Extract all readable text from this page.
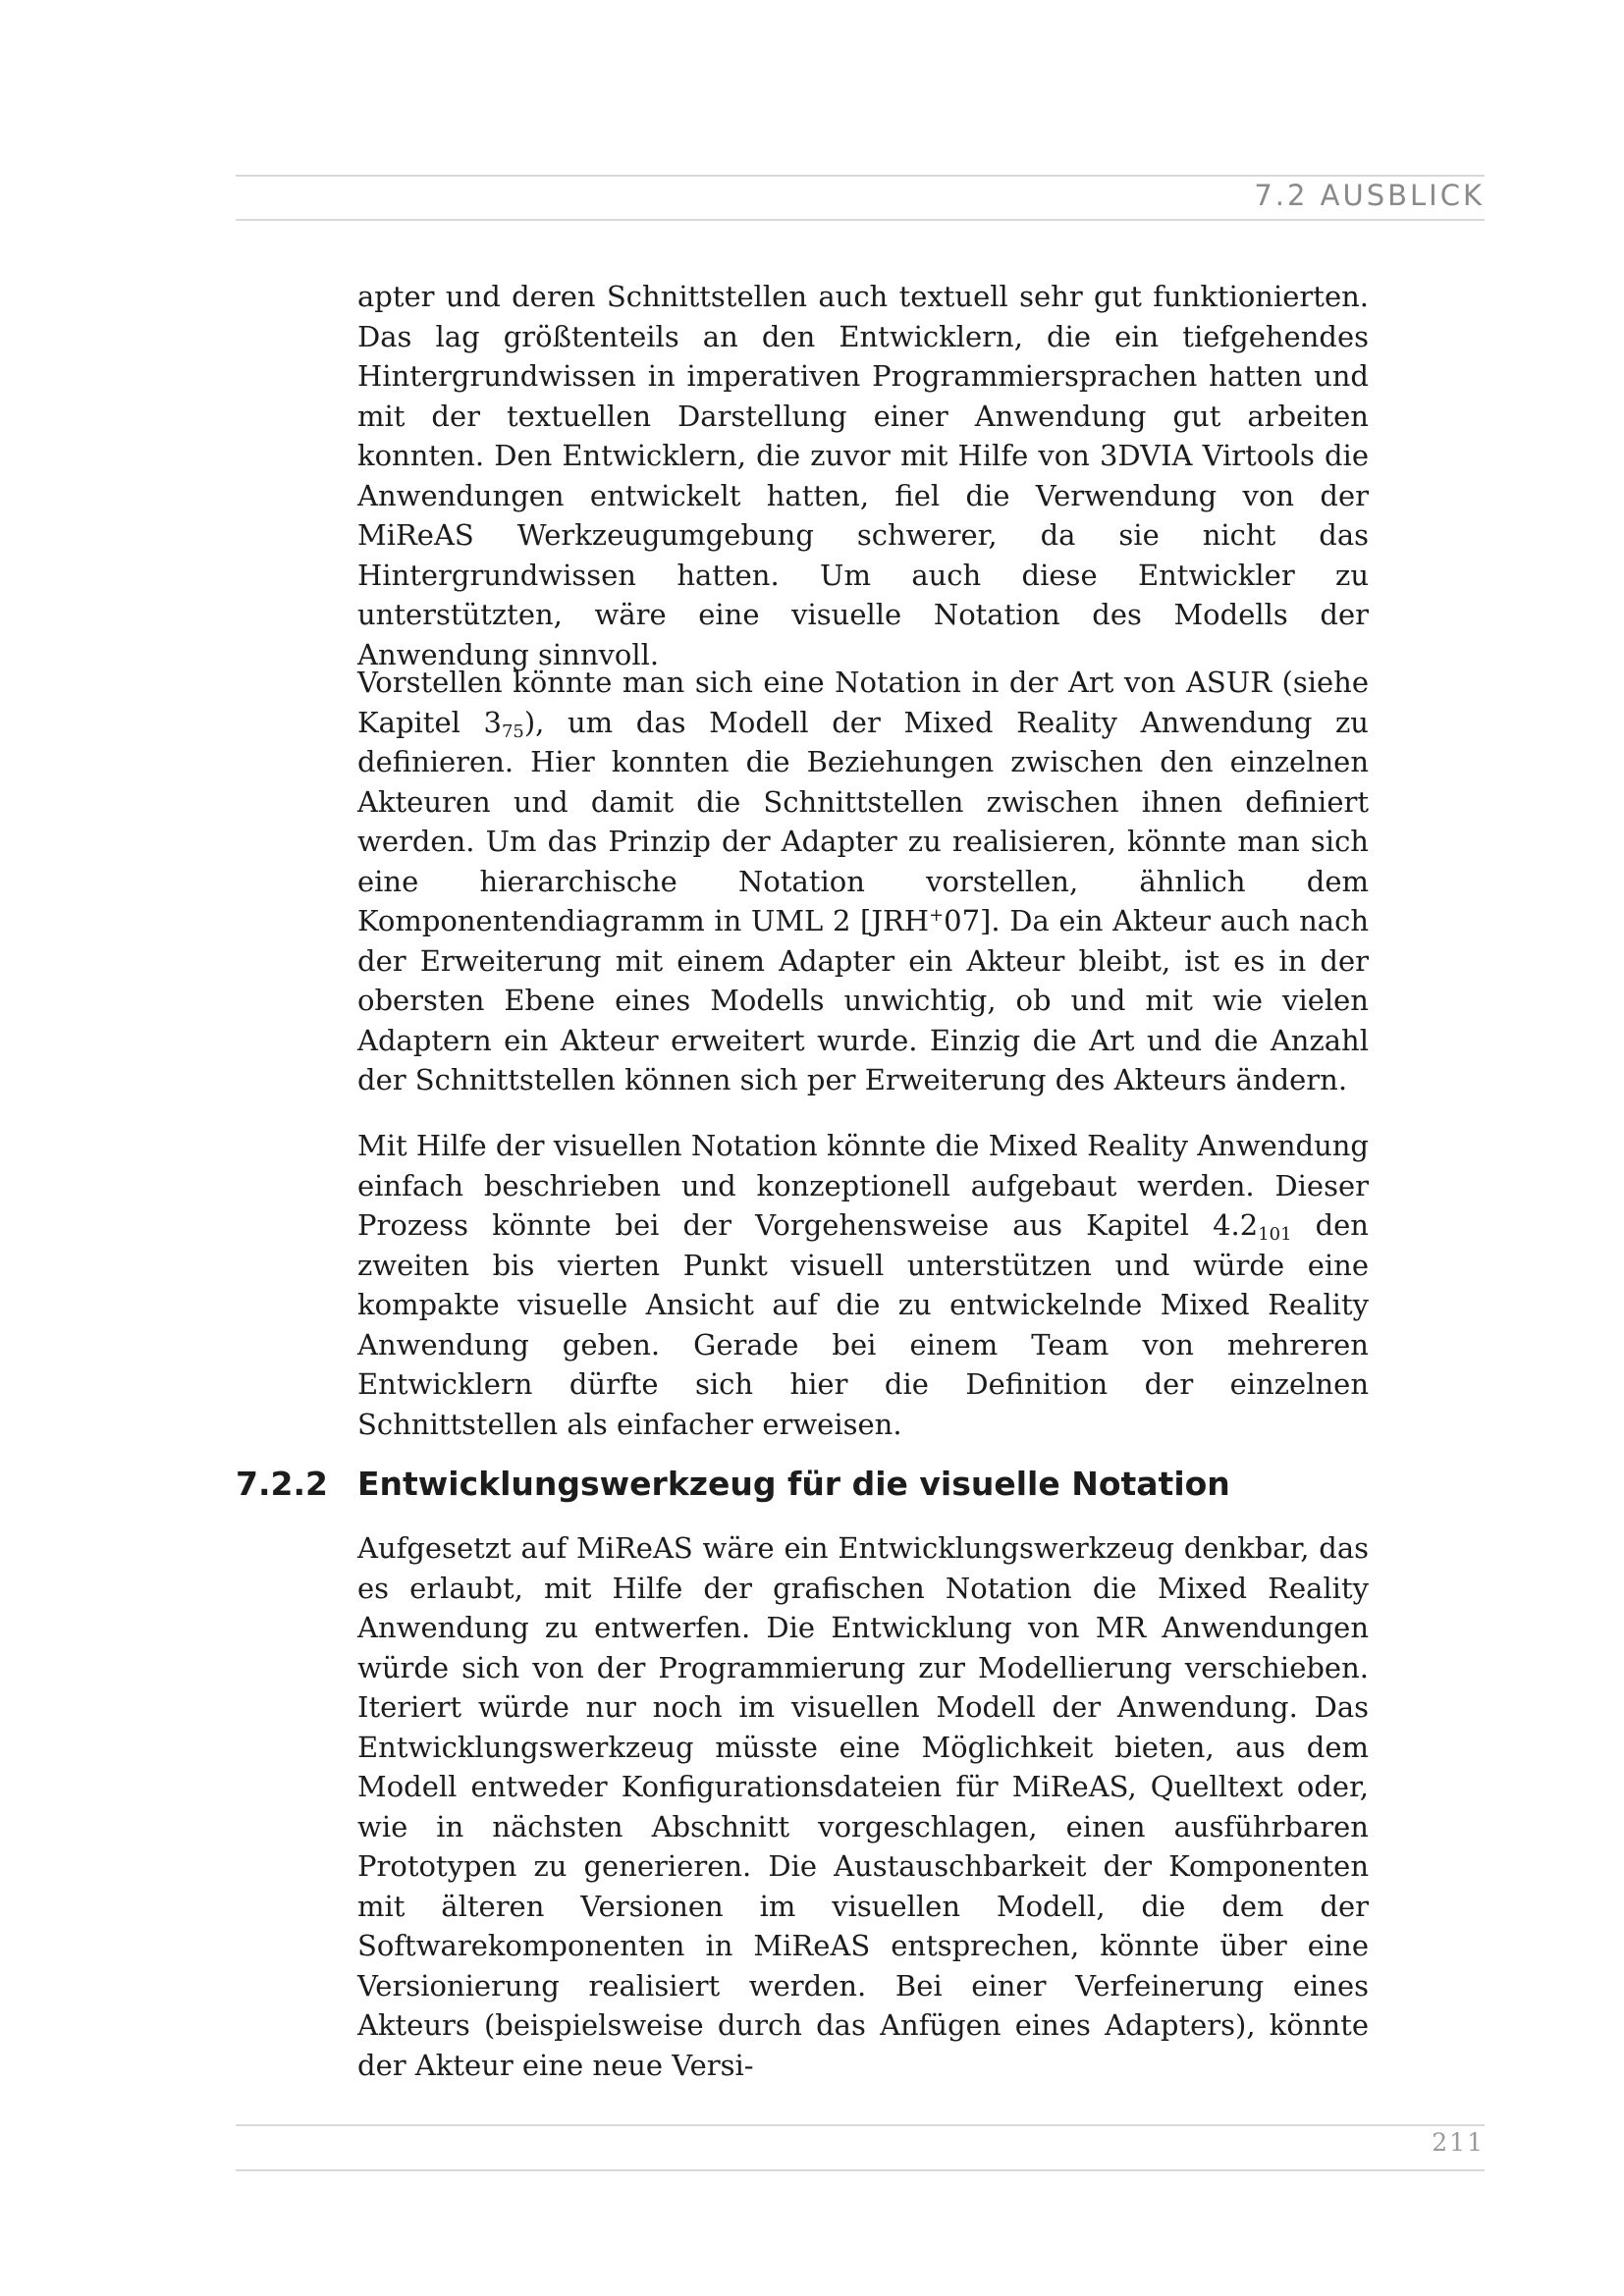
7.2 AUSBLICK

apter und deren Schnittstellen auch textuell sehr gut funktionierten. Das lag größtenteils an den Entwicklern, die ein tiefgehendes Hintergrundwissen in imperativen Programmiersprachen hatten und mit der textuellen Darstellung einer Anwendung gut arbeiten konnten. Den Entwicklern, die zuvor mit Hilfe von 3DVIA Virtools die Anwendungen entwickelt hatten, fiel die Verwendung von der MiReAS Werkzeugumgebung schwerer, da sie nicht das Hintergrundwissen hatten. Um auch diese Entwickler zu unterstützten, wäre eine visuelle Notation des Modells der Anwendung sinnvoll.

Vorstellen könnte man sich eine Notation in der Art von ASUR (siehe Kapitel $3_{75}$), um das Modell der Mixed Reality Anwendung zu definieren. Hier konnten die Beziehungen zwischen den einzelnen Akteuren und damit die Schnittstellen zwischen ihnen definiert werden. Um das Prinzip der Adapter zu realisieren, könnte man sich eine hierarchische Notation vorstellen, ähnlich dem Komponentendiagramm in UML 2 [JRH+07]. Da ein Akteur auch nach der Erweiterung mit einem Adapter ein Akteur bleibt, ist es in der obersten Ebene eines Modells unwichtig, ob und mit wie vielen Adaptern ein Akteur erweitert wurde. Einzig die Art und die Anzahl der Schnittstellen können sich per Erweiterung des Akteurs ändern.

Mit Hilfe der visuellen Notation könnte die Mixed Reality Anwendung einfach beschrieben und konzeptionell aufgebaut werden. Dieser Prozess könnte bei der Vorgehensweise aus Kapitel $4.2_{101}$ den zweiten bis vierten Punkt visuell unterstützen und würde eine kompakte visuelle Ansicht auf die zu entwickelnde Mixed Reality Anwendung geben. Gerade bei einem Team von mehreren Entwicklern dürfte sich hier die Definition der einzelnen Schnittstellen als einfacher erweisen.

Aufgesetzt auf MiReAS wäre ein Entwicklungswerkzeug denkbar, das es erlaubt, mit Hilfe der grafischen Notation die Mixed Reality Anwendung zu entwerfen. Die Entwicklung von MR Anwendungen würde sich von der Programmierung zur Modellierung verschieben. Iteriert würde nur noch im visuellen Modell der Anwendung. Das Entwicklungswerkzeug müsste eine Möglichkeit bieten, aus dem Modell entweder Konfigurationsdateien für MiReAS, Quelltext oder, wie in nächsten Abschnitt vorgeschlagen, einen ausführbaren Prototypen zu generieren. Die Austauschbarkeit der Komponenten mit älteren Versionen im visuellen Modell, die dem der Softwarekomponenten in MiReAS entsprechen, könnte über eine Versionierung realisiert werden. Bei einer Verfeinerung eines Akteurs (beispielsweise durch das Anfügen eines Adapters), könnte der Akteur eine neue Versi-

7.2.2 Entwicklungswerkzeug für die visuelle Notation
211
